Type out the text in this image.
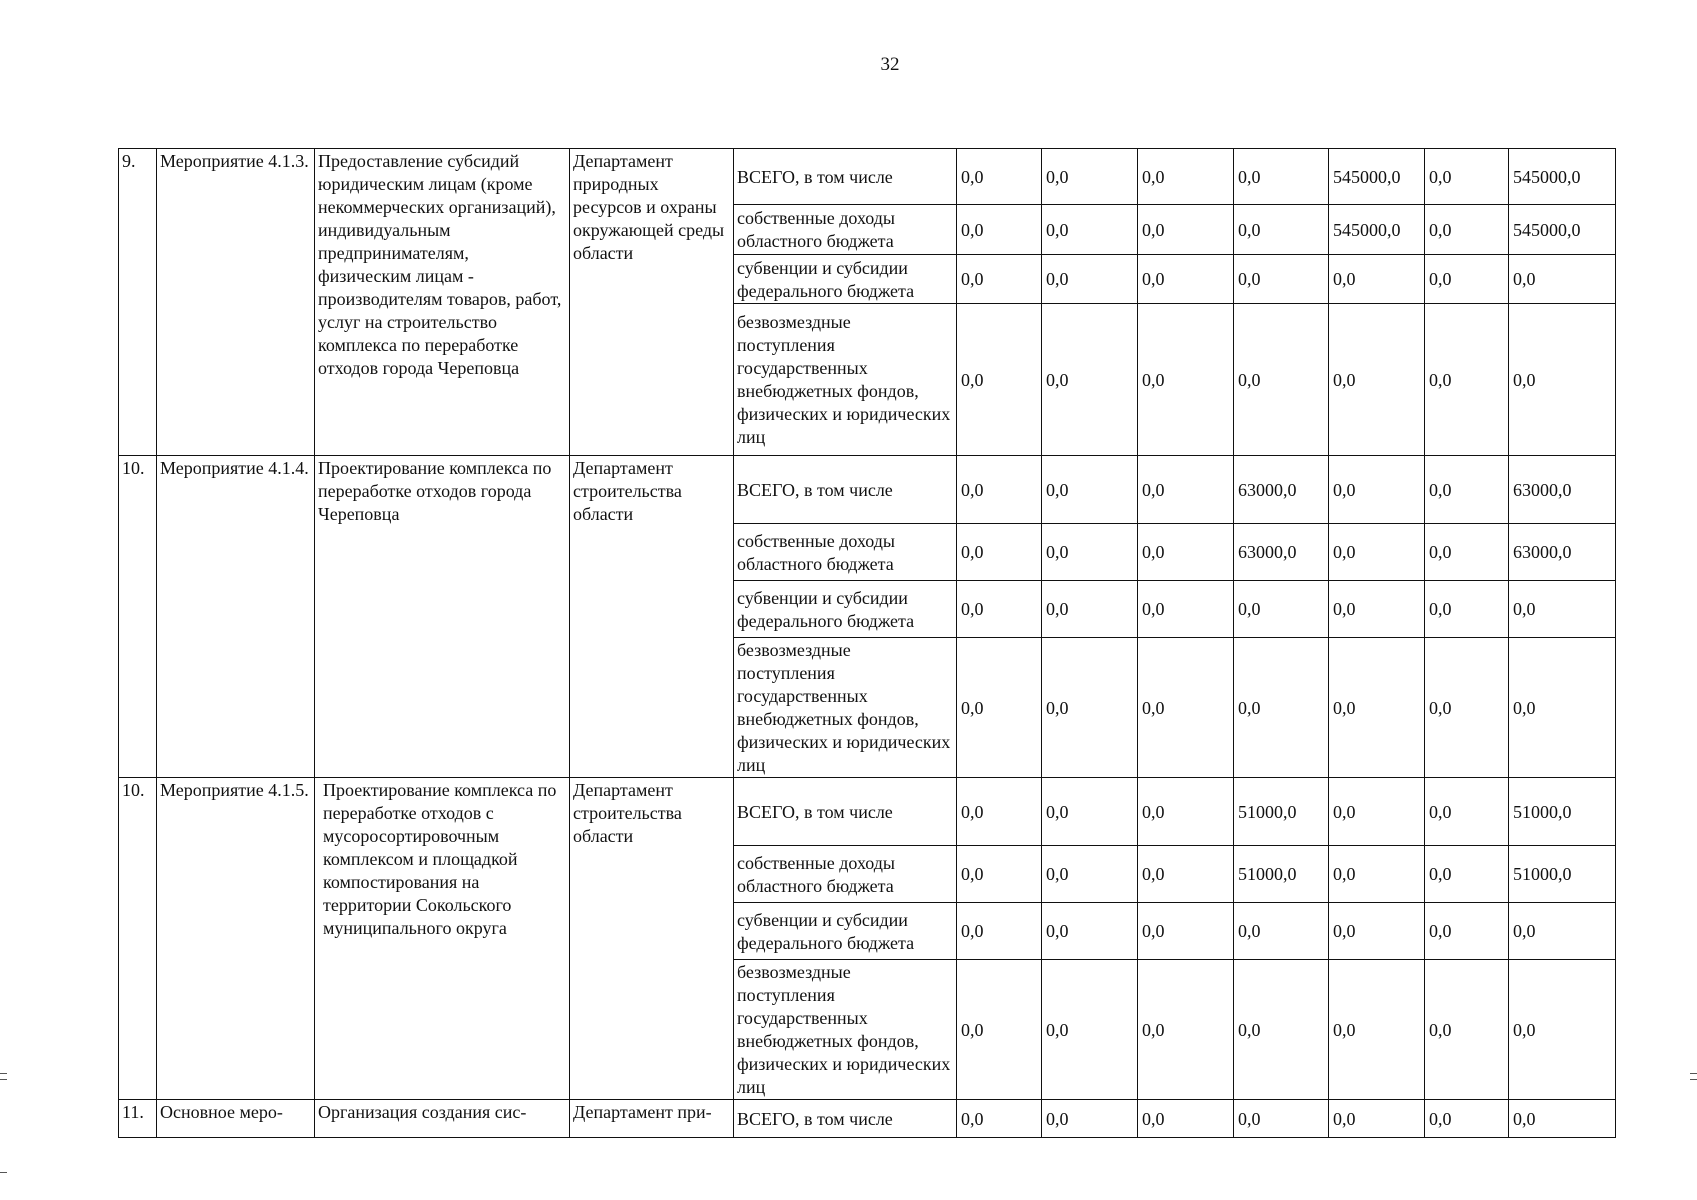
32
9.	Мероприятие 4.1.3.	Предоставление субсидий юридическим лицам (кроме некоммерческих организаций), индивидуальным предпринимателям, физическим лицам - производителям товаров, работ, услуг на строительство комплекса по переработке отходов города Череповца	Департамент природных ресурсов и охраны окружающей среды области	ВСЕГО, в том числе	0,0	0,0	0,0	0,0	545000,0	0,0	545000,0
				собственные доходы областного бюджета	0,0	0,0	0,0	0,0	545000,0	0,0	545000,0
				субвенции и субсидии федерального бюджета	0,0	0,0	0,0	0,0	0,0	0,0	0,0
				безвозмездные поступления государственных внебюджетных фондов, физических и юридических лиц	0,0	0,0	0,0	0,0	0,0	0,0	0,0
10.	Мероприятие 4.1.4.	Проектирование комплекса по переработке отходов города Череповца	Департамент строительства области	ВСЕГО, в том числе	0,0	0,0	0,0	63000,0	0,0	0,0	63000,0
				собственные доходы областного бюджета	0,0	0,0	0,0	63000,0	0,0	0,0	63000,0
				субвенции и субсидии федерального бюджета	0,0	0,0	0,0	0,0	0,0	0,0	0,0
				безвозмездные поступления государственных внебюджетных фондов, физических и юридических лиц	0,0	0,0	0,0	0,0	0,0	0,0	0,0
10.	Мероприятие 4.1.5.	Проектирование комплекса по переработке отходов с мусоросортировочным комплексом и площадкой компостирования на территории Сокольского муниципального округа	Департамент строительства области	ВСЕГО, в том числе	0,0	0,0	0,0	51000,0	0,0	0,0	51000,0
				собственные доходы областного бюджета	0,0	0,0	0,0	51000,0	0,0	0,0	51000,0
				субвенции и субсидии федерального бюджета	0,0	0,0	0,0	0,0	0,0	0,0	0,0
				безвозмездные поступления государственных внебюджетных фондов, физических и юридических лиц	0,0	0,0	0,0	0,0	0,0	0,0	0,0
11.	Основное меро-	Организация создания сис-	Департамент при-	ВСЕГО, в том числе	0,0	0,0	0,0	0,0	0,0	0,0	0,0
